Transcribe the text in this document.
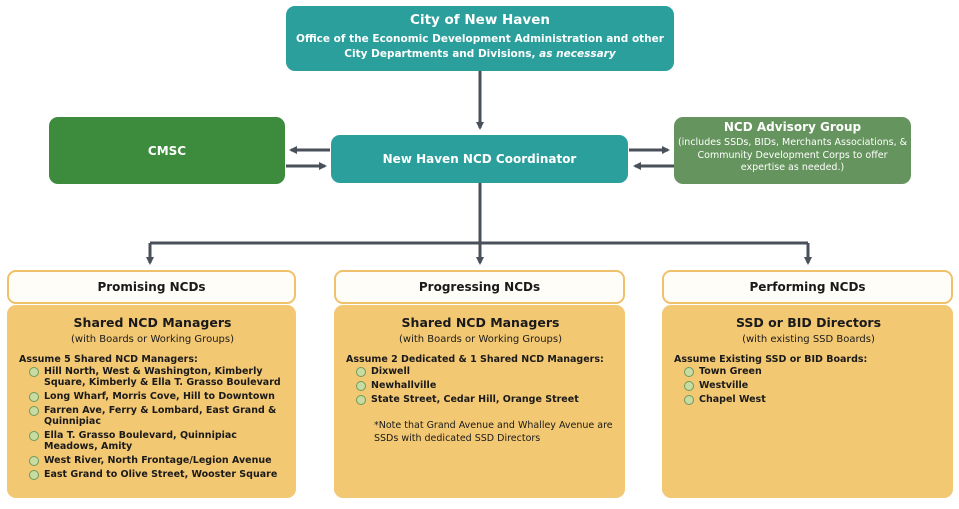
City of New Haven
Office of the Economic Development Administration and other City Departments and Divisions, as necessary
CMSC
New Haven NCD Coordinator
NCD Advisory Group
(includes SSDs, BIDs, Merchants Associations, & Community Development Corps to offer expertise as needed.)
Promising NCDs
Shared NCD Managers
(with Boards or Working Groups)
Assume 5 Shared NCD Managers:
Hill North, West & Washington, Kimberly Square, Kimberly & Ella T. Grasso Boulevard
Long Wharf, Morris Cove, Hill to Downtown
Farren Ave, Ferry & Lombard, East Grand & Quinnipiac
Ella T. Grasso Boulevard, Quinnipiac Meadows, Amity
West River, North Frontage/Legion Avenue
East Grand to Olive Street, Wooster Square
Progressing NCDs
Shared NCD Managers
(with Boards or Working Groups)
Assume 2 Dedicated & 1 Shared NCD Managers:
Dixwell
Newhallville
State Street, Cedar Hill, Orange Street
*Note that Grand Avenue and Whalley Avenue are SSDs with dedicated SSD Directors
Performing NCDs
SSD or BID Directors
(with existing SSD Boards)
Assume Existing SSD or BID Boards:
Town Green
Westville
Chapel West
